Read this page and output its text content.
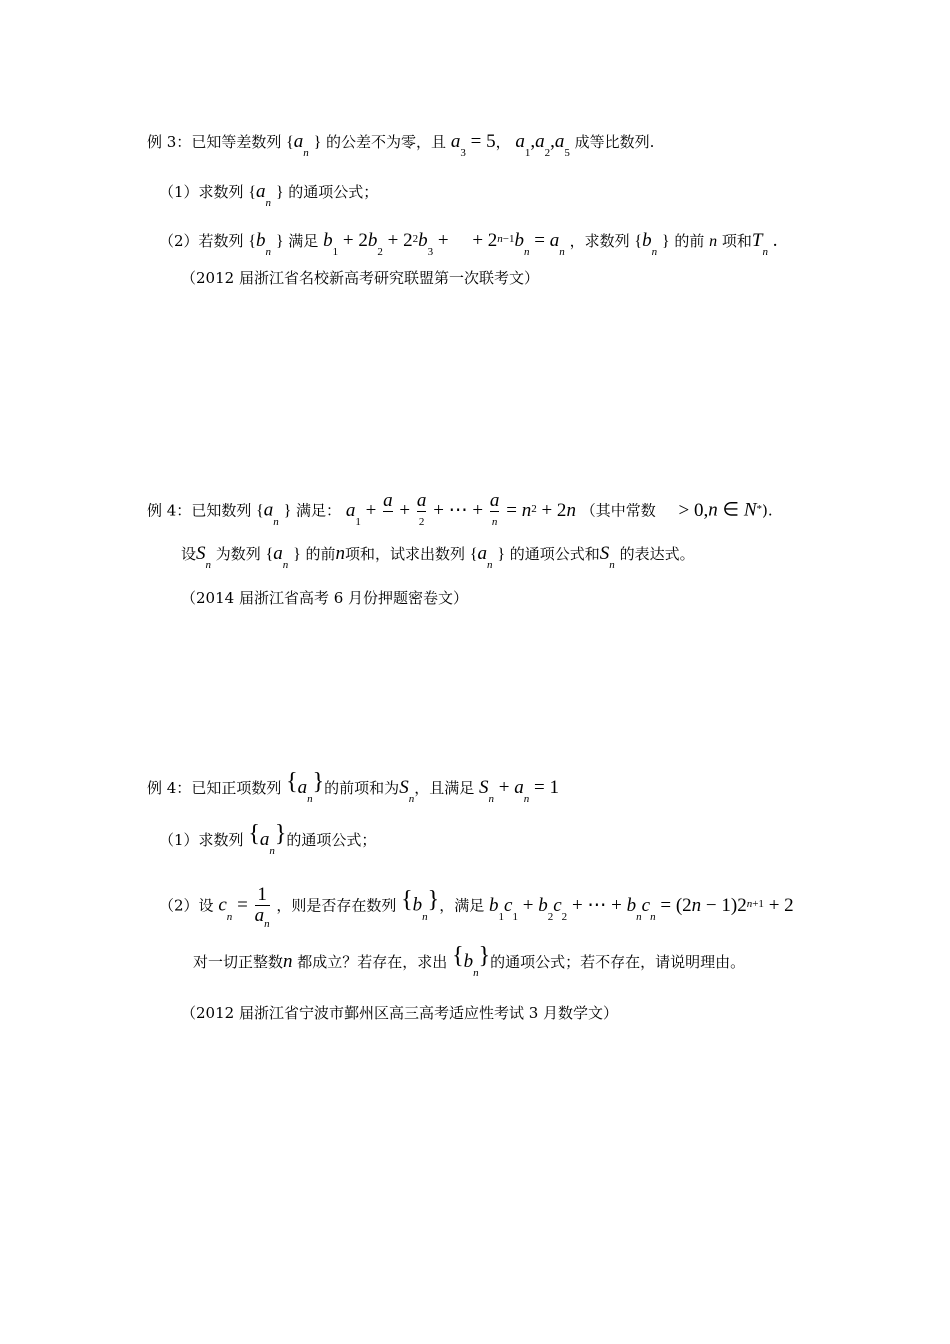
例 3：已知等差数列 {$a_n$ } 的公差不为零，且 $a_3 = 5$， $a_1,a_2,a_5$ 成等比数列.
（1）求数列 {$a_n$ } 的通项公式；
（2）若数列 {$b_n$ } 满足 $b_1 + 2b_2 + 2^2b_3$ +     + $2^{n-1}b_n = a_n$ ，求数列 {$b_n$ } 的前 n 项和$T_n$ .
（2012 届浙江省名校新高考研究联盟第一次联考文）
例 4：已知数列 {$a_n$ } 满足： $a_1 + a$
+ $\frac{a}{2}$ + ⋯ + $\frac{a}{n} = n^2 + 2n$ （其中常数 > 0,n ∈ N*).
设$S_n$ 为数列 {$a_n$ } 的前n项和，试求出数列 {$a_n$ } 的通项公式和$S_n$ 的表达式。
（2014 届浙江省高考 6 月份押题密卷文）
例 4：已知正项数列 $\{a_n\}$的前项和为$S_n$，且满足 $S_n + a_n = 1$
（1）求数列 $\{a_n\}$的通项公式；
（2）设 $c_n = \frac{1}{a_n}$ ，则是否存在数列 $\{b_n\}$，满足 $b_1c_1 + b_2c_2$ + ⋯ + $b_nc_n = (2n - 1)2^{n+1} + 2$
对一切正整数n 都成立？若存在，求出 $\{b_n\}$的通项公式；若不存在，请说明理由。
（2012 届浙江省宁波市鄞州区高三高考适应性考试 3 月数学文）
